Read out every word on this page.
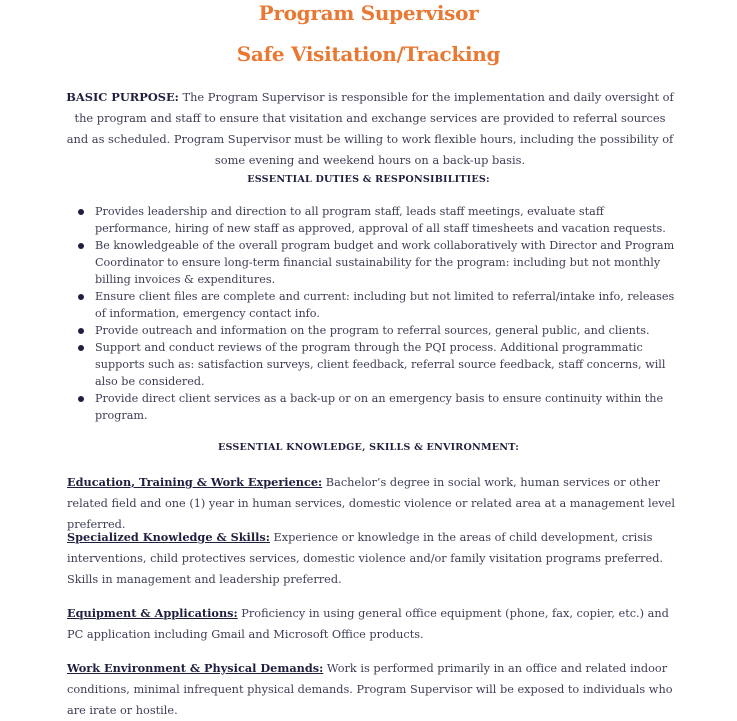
Program Supervisor
Safe Visitation/Tracking
BASIC PURPOSE: The Program Supervisor is responsible for the implementation and daily oversight of the program and staff to ensure that visitation and exchange services are provided to referral sources and as scheduled. Program Supervisor must be willing to work flexible hours, including the possibility of some evening and weekend hours on a back-up basis.
ESSENTIAL DUTIES & RESPONSIBILITIES:
Provides leadership and direction to all program staff, leads staff meetings, evaluate staff performance, hiring of new staff as approved, approval of all staff timesheets and vacation requests.
Be knowledgeable of the overall program budget and work collaboratively with Director and Program Coordinator to ensure long-term financial sustainability for the program: including but not monthly billing invoices & expenditures.
Ensure client files are complete and current: including but not limited to referral/intake info, releases of information, emergency contact info.
Provide outreach and information on the program to referral sources, general public, and clients.
Support and conduct reviews of the program through the PQI process. Additional programmatic supports such as: satisfaction surveys, client feedback, referral source feedback, staff concerns, will also be considered.
Provide direct client services as a back-up or on an emergency basis to ensure continuity within the program.
ESSENTIAL KNOWLEDGE, SKILLS & ENVIRONMENT:
Education, Training & Work Experience: Bachelor’s degree in social work, human services or other related field and one (1) year in human services, domestic violence or related area at a management level preferred.
Specialized Knowledge & Skills: Experience or knowledge in the areas of child development, crisis interventions, child protectives services, domestic violence and/or family visitation programs preferred. Skills in management and leadership preferred.
Equipment & Applications: Proficiency in using general office equipment (phone, fax, copier, etc.) and PC application including Gmail and Microsoft Office products.
Work Environment & Physical Demands: Work is performed primarily in an office and related indoor conditions, minimal infrequent physical demands. Program Supervisor will be exposed to individuals who are irate or hostile.
